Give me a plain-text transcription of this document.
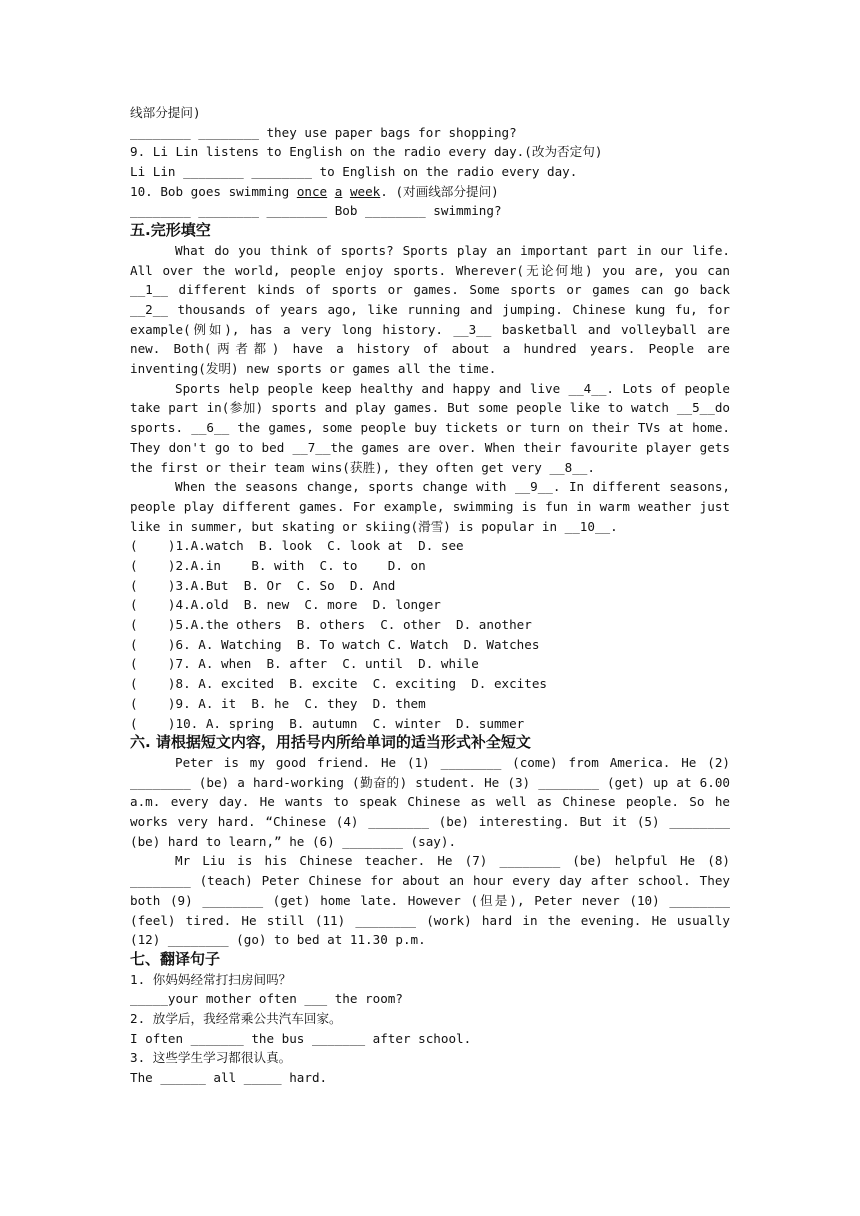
线部分提问)
________ ________ they use paper bags for shopping?
9. Li Lin listens to English on the radio every day.(改为否定句)
Li Lin ________ ________ to English on the radio every day.
10. Bob goes swimming once a week. (对画线部分提问)
________ ________ ________ Bob ________ swimming?
五.完形填空
What do you think of sports? Sports play an important part in our life. All over the world, people enjoy sports. Wherever(无论何地) you are, you can __1__ different kinds of sports or games. Some sports or games can go back __2__ thousands of years ago, like running and jumping. Chinese kung fu, for example(例如), has a very long history. __3__ basketball and volleyball are new. Both(两者都) have a history of about a hundred years. People are inventing(发明) new sports or games all the time.
Sports help people keep healthy and happy and live __4__. Lots of people take part in(参加) sports and play games. But some people like to watch __5__do sports. __6__ the games, some people buy tickets or turn on their TVs at home. They don't go to bed __7__the games are over. When their favourite player gets the first or their team wins(获胜), they often get very __8__.
When the seasons change, sports change with __9__. In different seasons, people play different games. For example, swimming is fun in warm weather just like in summer, but skating or skiing(滑雪) is popular in __10__.
(    )1.A.watch  B. look  C. look at  D. see
(    )2.A.in    B. with  C. to    D. on
(    )3.A.But  B. Or  C. So  D. And
(    )4.A.old  B. new  C. more  D. longer
(    )5.A.the others  B. others  C. other  D. another
(    )6. A. Watching  B. To watch C. Watch  D. Watches
(    )7. A. when  B. after  C. until  D. while
(    )8. A. excited  B. excite  C. exciting  D. excites
(    )9. A. it  B. he  C. they  D. them
(    )10. A. spring  B. autumn  C. winter  D. summer
六. 请根据短文内容，用括号内所给单词的适当形式补全短文
Peter is my good friend. He (1) ________ (come) from America. He (2) ________ (be) a hard-working (勤奋的) student. He (3) ________ (get) up at 6.00 a.m. every day. He wants to speak Chinese as well as Chinese people. So he works very hard. “Chinese (4) ________ (be) interesting. But it (5) ________ (be) hard to learn,” he (6) ________ (say).
Mr Liu is his Chinese teacher. He (7) ________ (be) helpful He (8) ________ (teach) Peter Chinese for about an hour every day after school. They both (9) ________ (get) home late. However (但是), Peter never (10) ________ (feel) tired. He still (11) ________ (work) hard in the evening. He usually (12) ________ (go) to bed at 11.30 p.m.
七、翻译句子
1. 你妈妈经常打扫房间吗？
_____your mother often ___ the room?
2. 放学后，我经常乘公共汽车回家。
I often _______ the bus _______ after school.
3. 这些学生学习都很认真。
The ______ all _____ hard.
